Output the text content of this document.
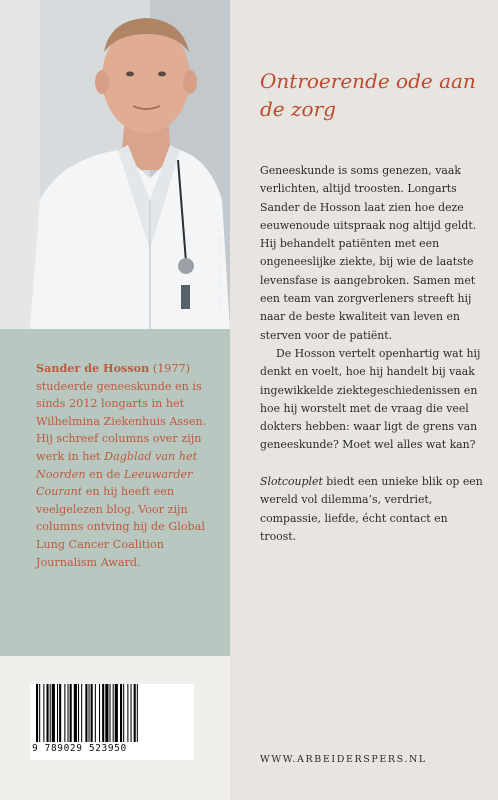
© LISELL DELINE / LOMEN

Sander de Hosson (1977) studeerde geneeskunde en is sinds 2012 longarts in het Wilhelmina Ziekenhuis Assen. Hij schreef columns over zijn werk in het Dagblad van het Noorden en de Leeuwarder Courant en hij heeft een veelgelezen blog. Voor zijn columns ontving hij de Global Lung Cancer Coalition Journalism Award.

9 789029 523950
Ontroerende ode aan de zorg

Geneeskunde is soms genezen, vaak verlichten, altijd troosten. Longarts Sander de Hosson laat zien hoe deze eeuwenoude uitspraak nog altijd geldt. Hij behandelt patiënten met een ongeneeslijke ziekte, bij wie de laatste levensfase is aangebroken. Samen met een team van zorgverleners streeft hij naar de beste kwaliteit van leven en sterven voor de patiënt.

De Hosson vertelt openhartig wat hij denkt en voelt, hoe hij handelt bij vaak ingewikkelde ziektegeschiedenissen en hoe hij worstelt met de vraag die veel dokters hebben: waar ligt de grens van geneeskunde? Moet wel alles wat kan?

Slotcouplet biedt een unieke blik op een wereld vol dilemma’s, verdriet, compassie, liefde, écht contact en troost.

WWW.ARBEIDERSPERS.NL
